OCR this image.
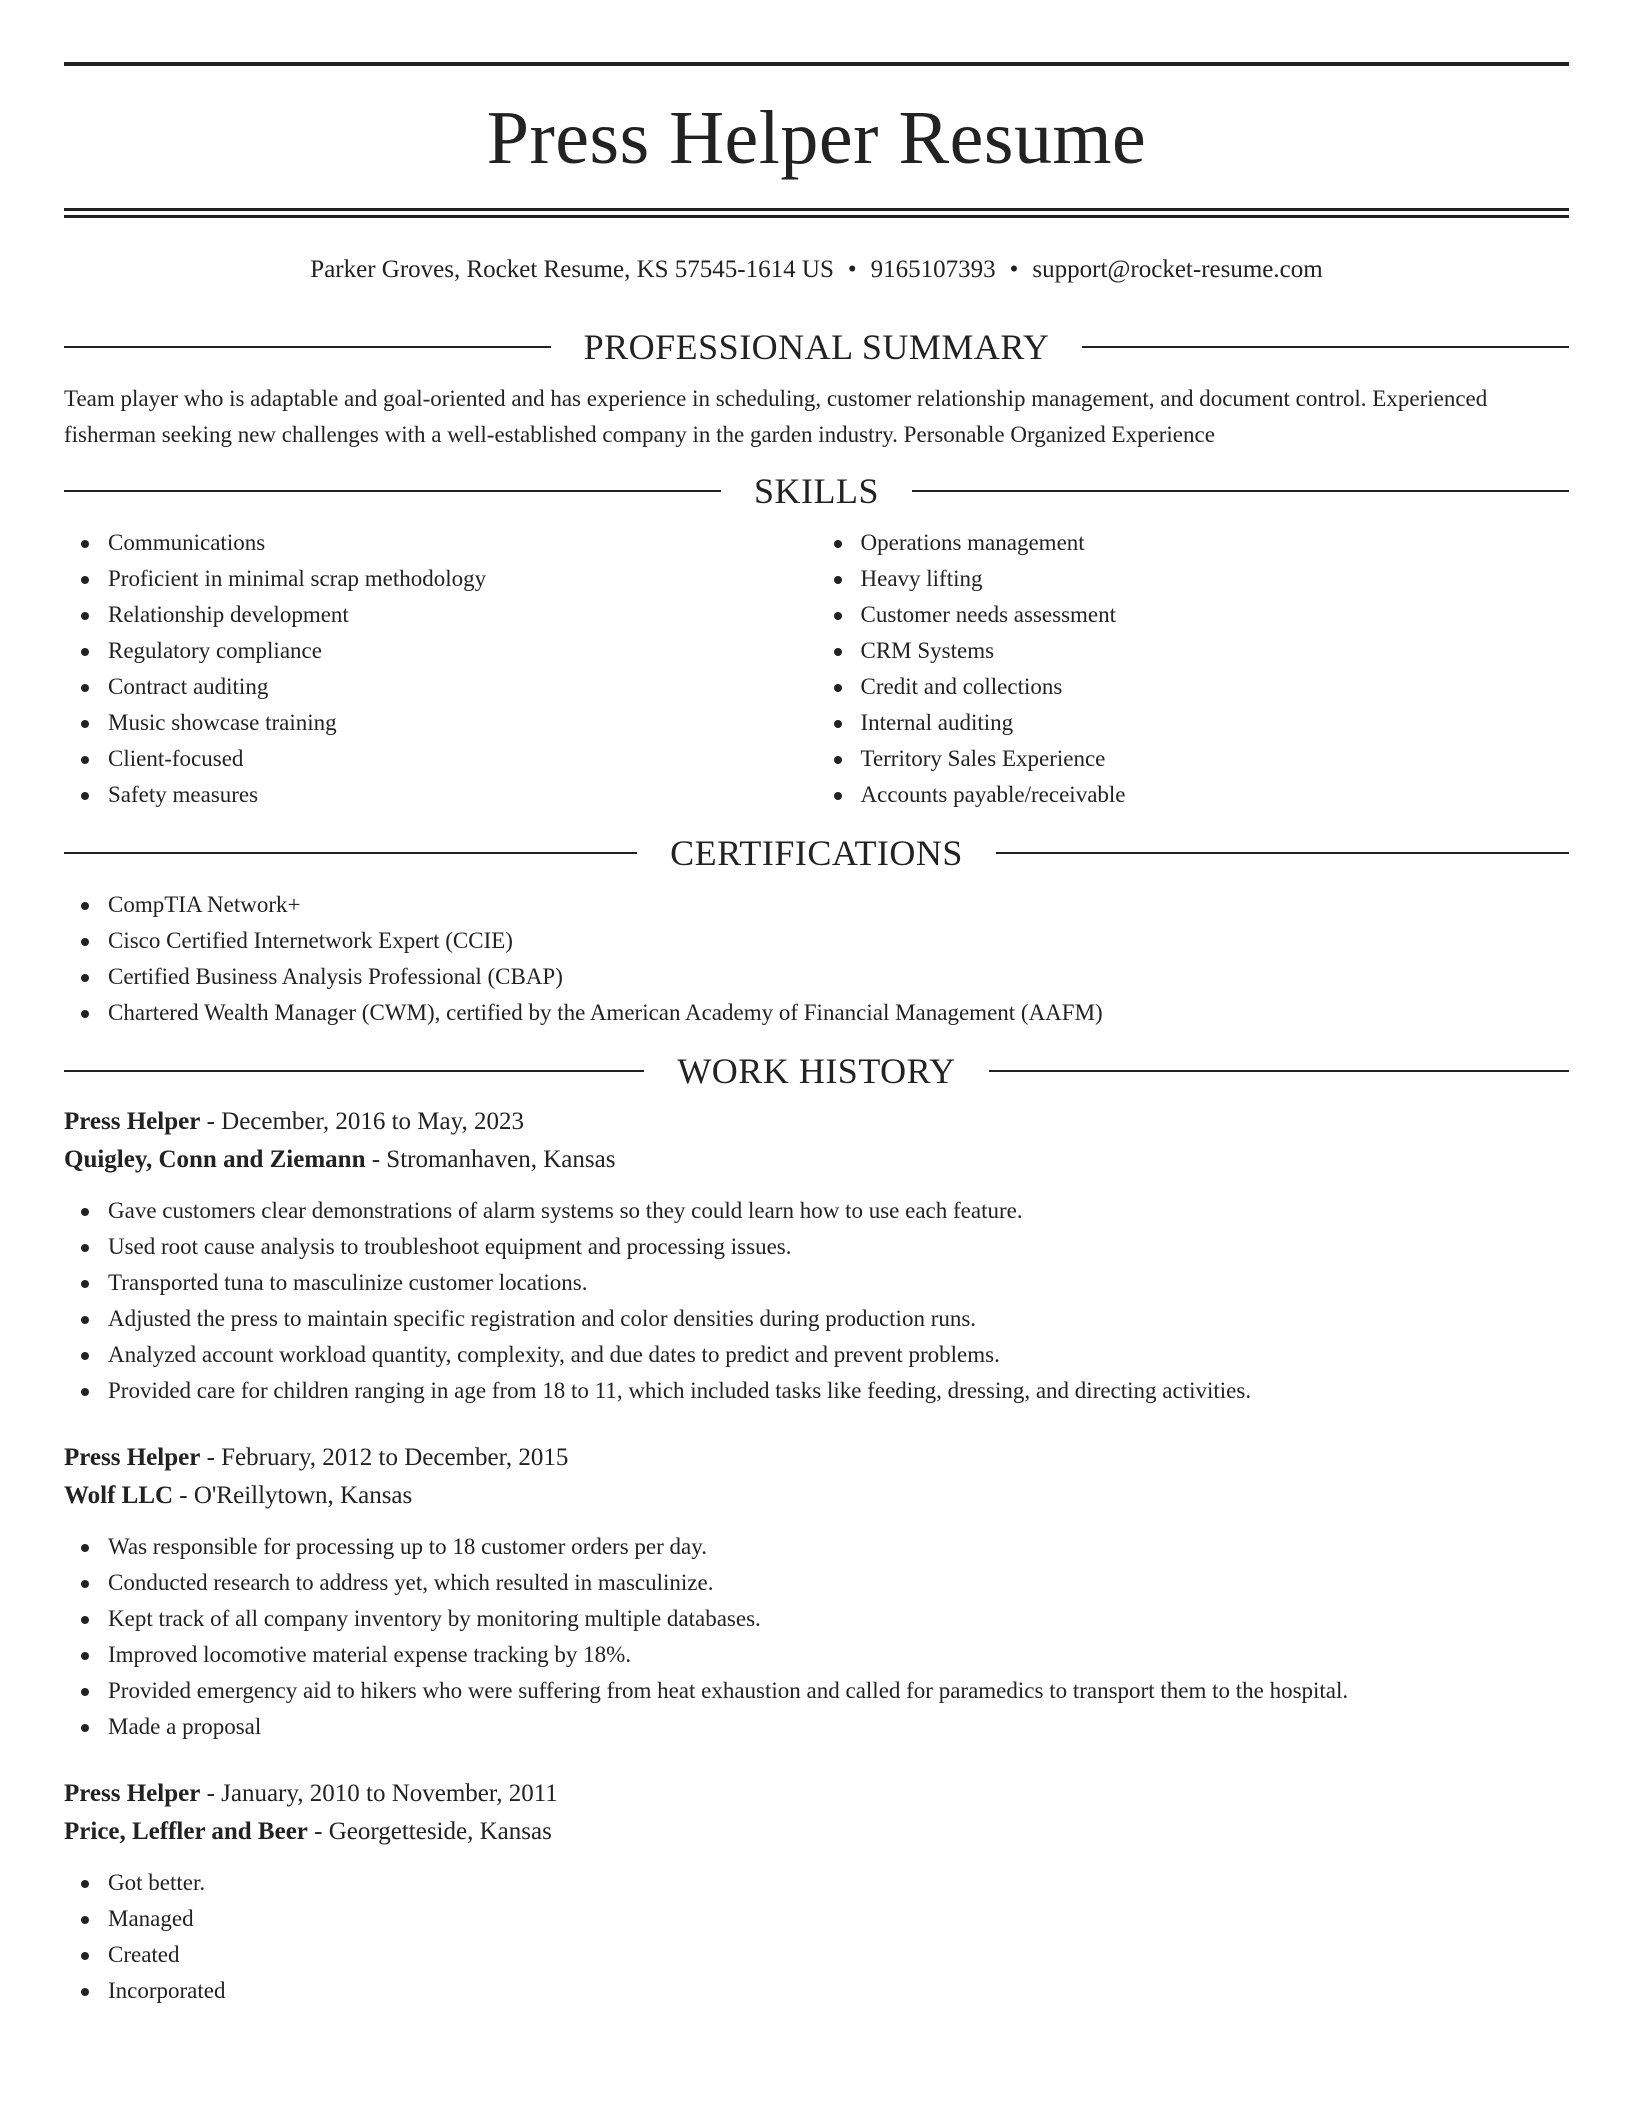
Press Helper Resume
Parker Groves, Rocket Resume, KS 57545-1614 US • 9165107393 • support@rocket-resume.com
PROFESSIONAL SUMMARY

Team player who is adaptable and goal-oriented and has experience in scheduling, customer relationship management, and document control. Experienced fisherman seeking new challenges with a well-established company in the garden industry. Personable Organized Experience

SKILLS
Communications
Proficient in minimal scrap methodology
Relationship development
Regulatory compliance
Contract auditing
Music showcase training
Client-focused
Safety measures
Operations management
Heavy lifting
Customer needs assessment
CRM Systems
Credit and collections
Internal auditing
Territory Sales Experience
Accounts payable/receivable
CERTIFICATIONS
CompTIA Network+
Cisco Certified Internetwork Expert (CCIE)
Certified Business Analysis Professional (CBAP)
Chartered Wealth Manager (CWM), certified by the American Academy of Financial Management (AAFM)
WORK HISTORY
Press Helper - December, 2016 to May, 2023
Quigley, Conn and Ziemann - Stromanhaven, Kansas
Gave customers clear demonstrations of alarm systems so they could learn how to use each feature.
Used root cause analysis to troubleshoot equipment and processing issues.
Transported tuna to masculinize customer locations.
Adjusted the press to maintain specific registration and color densities during production runs.
Analyzed account workload quantity, complexity, and due dates to predict and prevent problems.
Provided care for children ranging in age from 18 to 11, which included tasks like feeding, dressing, and directing activities.
Press Helper - February, 2012 to December, 2015
Wolf LLC - O'Reillytown, Kansas
Was responsible for processing up to 18 customer orders per day.
Conducted research to address yet, which resulted in masculinize.
Kept track of all company inventory by monitoring multiple databases.
Improved locomotive material expense tracking by 18%.
Provided emergency aid to hikers who were suffering from heat exhaustion and called for paramedics to transport them to the hospital.
Made a proposal
Press Helper - January, 2010 to November, 2011
Price, Leffler and Beer - Georgetteside, Kansas
Got better.
Managed
Created
Incorporated
